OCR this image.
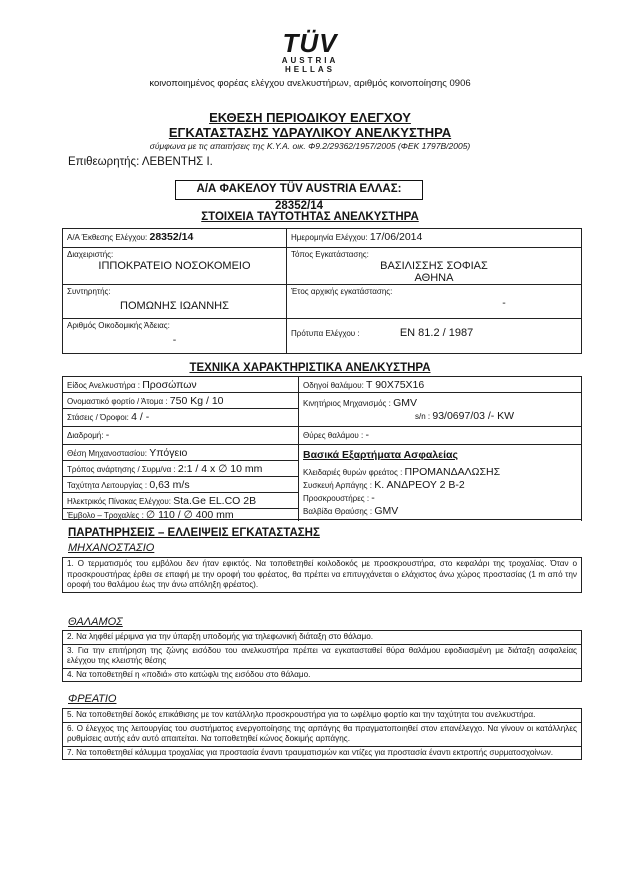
TÜV
AUSTRIA
HELLAS
κοινοποιημένος φορέας ελέγχου ανελκυστήρων, αριθμός κοινοποίησης 0906
ΕΚΘΕΣΗ ΠΕΡΙΟΔΙΚΟΥ ΕΛΕΓΧΟΥ
ΕΓΚΑΤΑΣΤΑΣΗΣ ΥΔΡΑΥΛΙΚΟΥ ΑΝΕΛΚΥΣΤΗΡΑ
σύμφωνα με τις απαιτήσεις της Κ.Υ.Α. οικ. Φ9.2/29362/1957/2005 (ΦΕΚ 1797Β/2005)
Επιθεωρητής: ΛΕΒΕΝΤΗΣ Ι.
Α/Α ΦΑΚΕΛΟΥ TÜV AUSTRIA ΕΛΛΑΣ: 28352/14
ΣΤΟΙΧΕΙΑ ΤΑΥΤΟΤΗΤΑΣ ΑΝΕΛΚΥΣΤΗΡΑ
Α/Α Έκθεσης Ελέγχου: 28352/14	Ημερομηνία Ελέγχου: 17/06/2014
Διαχειριστής:
ΙΠΠΟΚΡΑΤΕΙΟ ΝΟΣΟΚΟΜΕΙΟ
Τόπος Εγκατάστασης:
ΒΑΣΙΛΙΣΣΗΣ ΣΟΦΙΑΣ
ΑΘΗΝΑ
Συντηρητής:
ΠΟΜΩΝΗΣ ΙΩΑΝΝΗΣ
Έτος αρχικής εγκατάστασης:
-
Αριθμός Οικοδομικής Άδειας:
-
Πρότυπα Ελέγχου :	EN 81.2 / 1987
ΤΕΧΝΙΚΑ ΧΑΡΑΚΤΗΡΙΣΤΙΚΑ ΑΝΕΛΚΥΣΤΗΡΑ
Είδος Ανελκυστήρα : Προσώπων
Ονομαστικό φορτίο / Άτομα : 750 Kg / 10
Στάσεις / Όροφοι: 4 / -
Διαδρομή: -
Θέση Μηχανοστασίου: Υπόγειο
Τρόπος ανάρτησης / Συρμ/να : 2:1 / 4 x ∅ 10 mm
Ταχύτητα Λειτουργίας : 0,63 m/s
Ηλεκτρικός Πίνακας Ελέγχου: Sta.Ge EL.CO 2B
Έμβολο – Τροχαλίες : ∅ 110 / ∅ 400 mm
Οδηγοί θαλάμου: T 90X75X16
Κινητήριος Μηχανισμός : GMV
s/n : 93/0697/03 /- KW
Θύρες θαλάμου : -
Βασικά Εξαρτήματα Ασφαλείας
Κλειδαριές θυρών φρεάτος : ΠΡΟΜΑΝΔΑΛΩΣΗΣ
Συσκευή Αρπάγης : Κ. ΑΝΔΡΕΟΥ 2 Β-2
Προσκρουστήρες : -
Βαλβίδα Θραύσης : GMV
ΠΑΡΑΤΗΡΗΣΕΙΣ – ΕΛΛΕΙΨΕΙΣ ΕΓΚΑΤΑΣΤΑΣΗΣ
ΜΗΧΑΝΟΣΤΑΣΙΟ
1. Ο τερματισμός του εμβόλου δεν ήταν εφικτός. Να τοποθετηθεί κοιλοδοκός με προσκρουστήρα, στο κεφαλάρι της τροχαλίας. Όταν ο προσκρουστήρας έρθει σε επαφή με την οροφή του φρέατος, θα πρέπει να επιτυγχάνεται ο ελάχιστος άνω χώρος προστασίας (1 m από την οροφή του θαλάμου έως την άνω απόληξη φρέατος).
ΘΑΛΑΜΟΣ
2. Να ληφθεί μέριμνα για την ύπαρξη υποδομής για τηλεφωνική διάταξη στο θάλαμο.
3. Για την επιτήρηση της ζώνης εισόδου του ανελκυστήρα πρέπει να εγκατασταθεί θύρα θαλάμου εφοδιασμένη με διάταξη ασφαλείας ελέγχου της κλειστής θέσης
4. Να τοποθετηθεί η «ποδιά» στο κατώφλι της εισόδου στο θάλαμο.
ΦΡΕΑΤΙΟ
5. Να τοποθετηθεί δοκός επικάθισης με τον κατάλληλο προσκρουστήρα για το ωφέλιμο φορτίο και την ταχύτητα του ανελκυστήρα.
6. Ο έλεγχος της λειτουργίας του συστήματος ενεργοποίησης της αρπάγης θα πραγματοποιηθεί στον επανέλεγχο. Να γίνουν οι κατάλληλες ρυθμίσεις αυτής εάν αυτό απαιτείται. Να τοποθετηθεί κώνος δοκιμής αρπάγης.
7. Να τοποθετηθεί κάλυμμα τροχαλίας για προστασία έναντι τραυματισμών και ντίζες για προστασία έναντι εκτροπής συρματοσχοίνων.
